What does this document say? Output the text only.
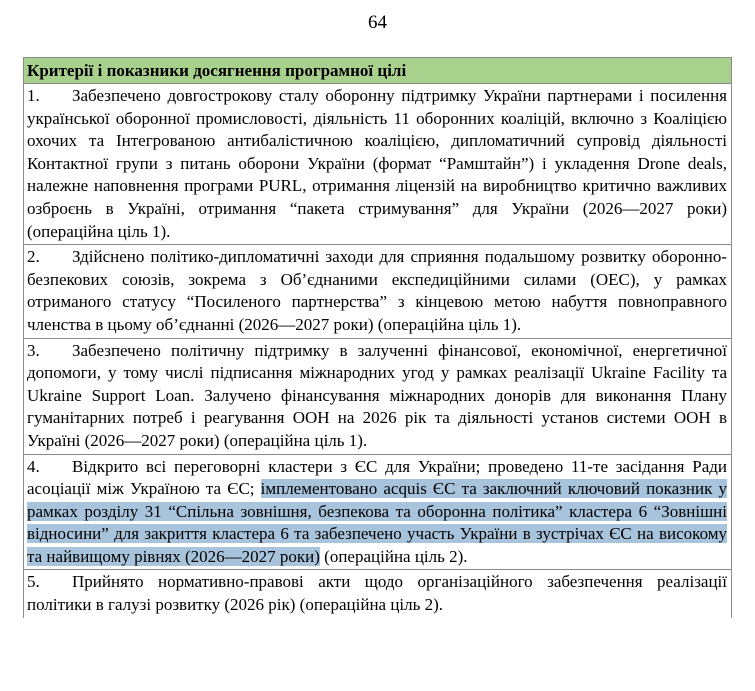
64
Критерії і показники досягнення програмної цілі
1. Забезпечено довгострокову сталу оборонну підтримку України партнерами і посилення української оборонної промисловості, діяльність 11 оборонних коаліцій, включно з Коаліцією охочих та Інтегрованою антибалістичною коаліцією, дипломатичний супровід діяльності Контактної групи з питань оборони України (формат “Рамштайн”) і укладення Drone deals, належне наповнення програми PURL, отримання ліцензій на виробництво критично важливих озброєнь в Україні, отримання “пакета стримування” для України (2026—2027 роки) (операційна ціль 1).
2. Здійснено політико-дипломатичні заходи для сприяння подальшому розвитку оборонно-безпекових союзів, зокрема з Об’єднаними експедиційними силами (ОЕС), у рамках отриманого статусу “Посиленого партнерства” з кінцевою метою набуття повноправного членства в цьому об’єднанні (2026—2027 роки) (операційна ціль 1).
3. Забезпечено політичну підтримку в залученні фінансової, економічної, енергетичної допомоги, у тому числі підписання міжнародних угод у рамках реалізації Ukraine Facility та Ukraine Support Loan. Залучено фінансування міжнародних донорів для виконання Плану гуманітарних потреб і реагування ООН на 2026 рік та діяльності установ системи ООН в Україні (2026—2027 роки) (операційна ціль 1).
4. Відкрито всі переговорні кластери з ЄС для України; проведено 11-те засідання Ради асоціації між Україною та ЄС; імплементовано acquis ЄС та заключний ключовий показник у рамках розділу 31 “Спільна зовнішня, безпекова та оборонна політика” кластера 6 “Зовнішні відносини” для закриття кластера 6 та забезпечено участь України в зустрічах ЄС на високому та найвищому рівнях (2026—2027 роки) (операційна ціль 2).
5. Прийнято нормативно-правові акти щодо організаційного забезпечення реалізації політики в галузі розвитку (2026 рік) (операційна ціль 2).
